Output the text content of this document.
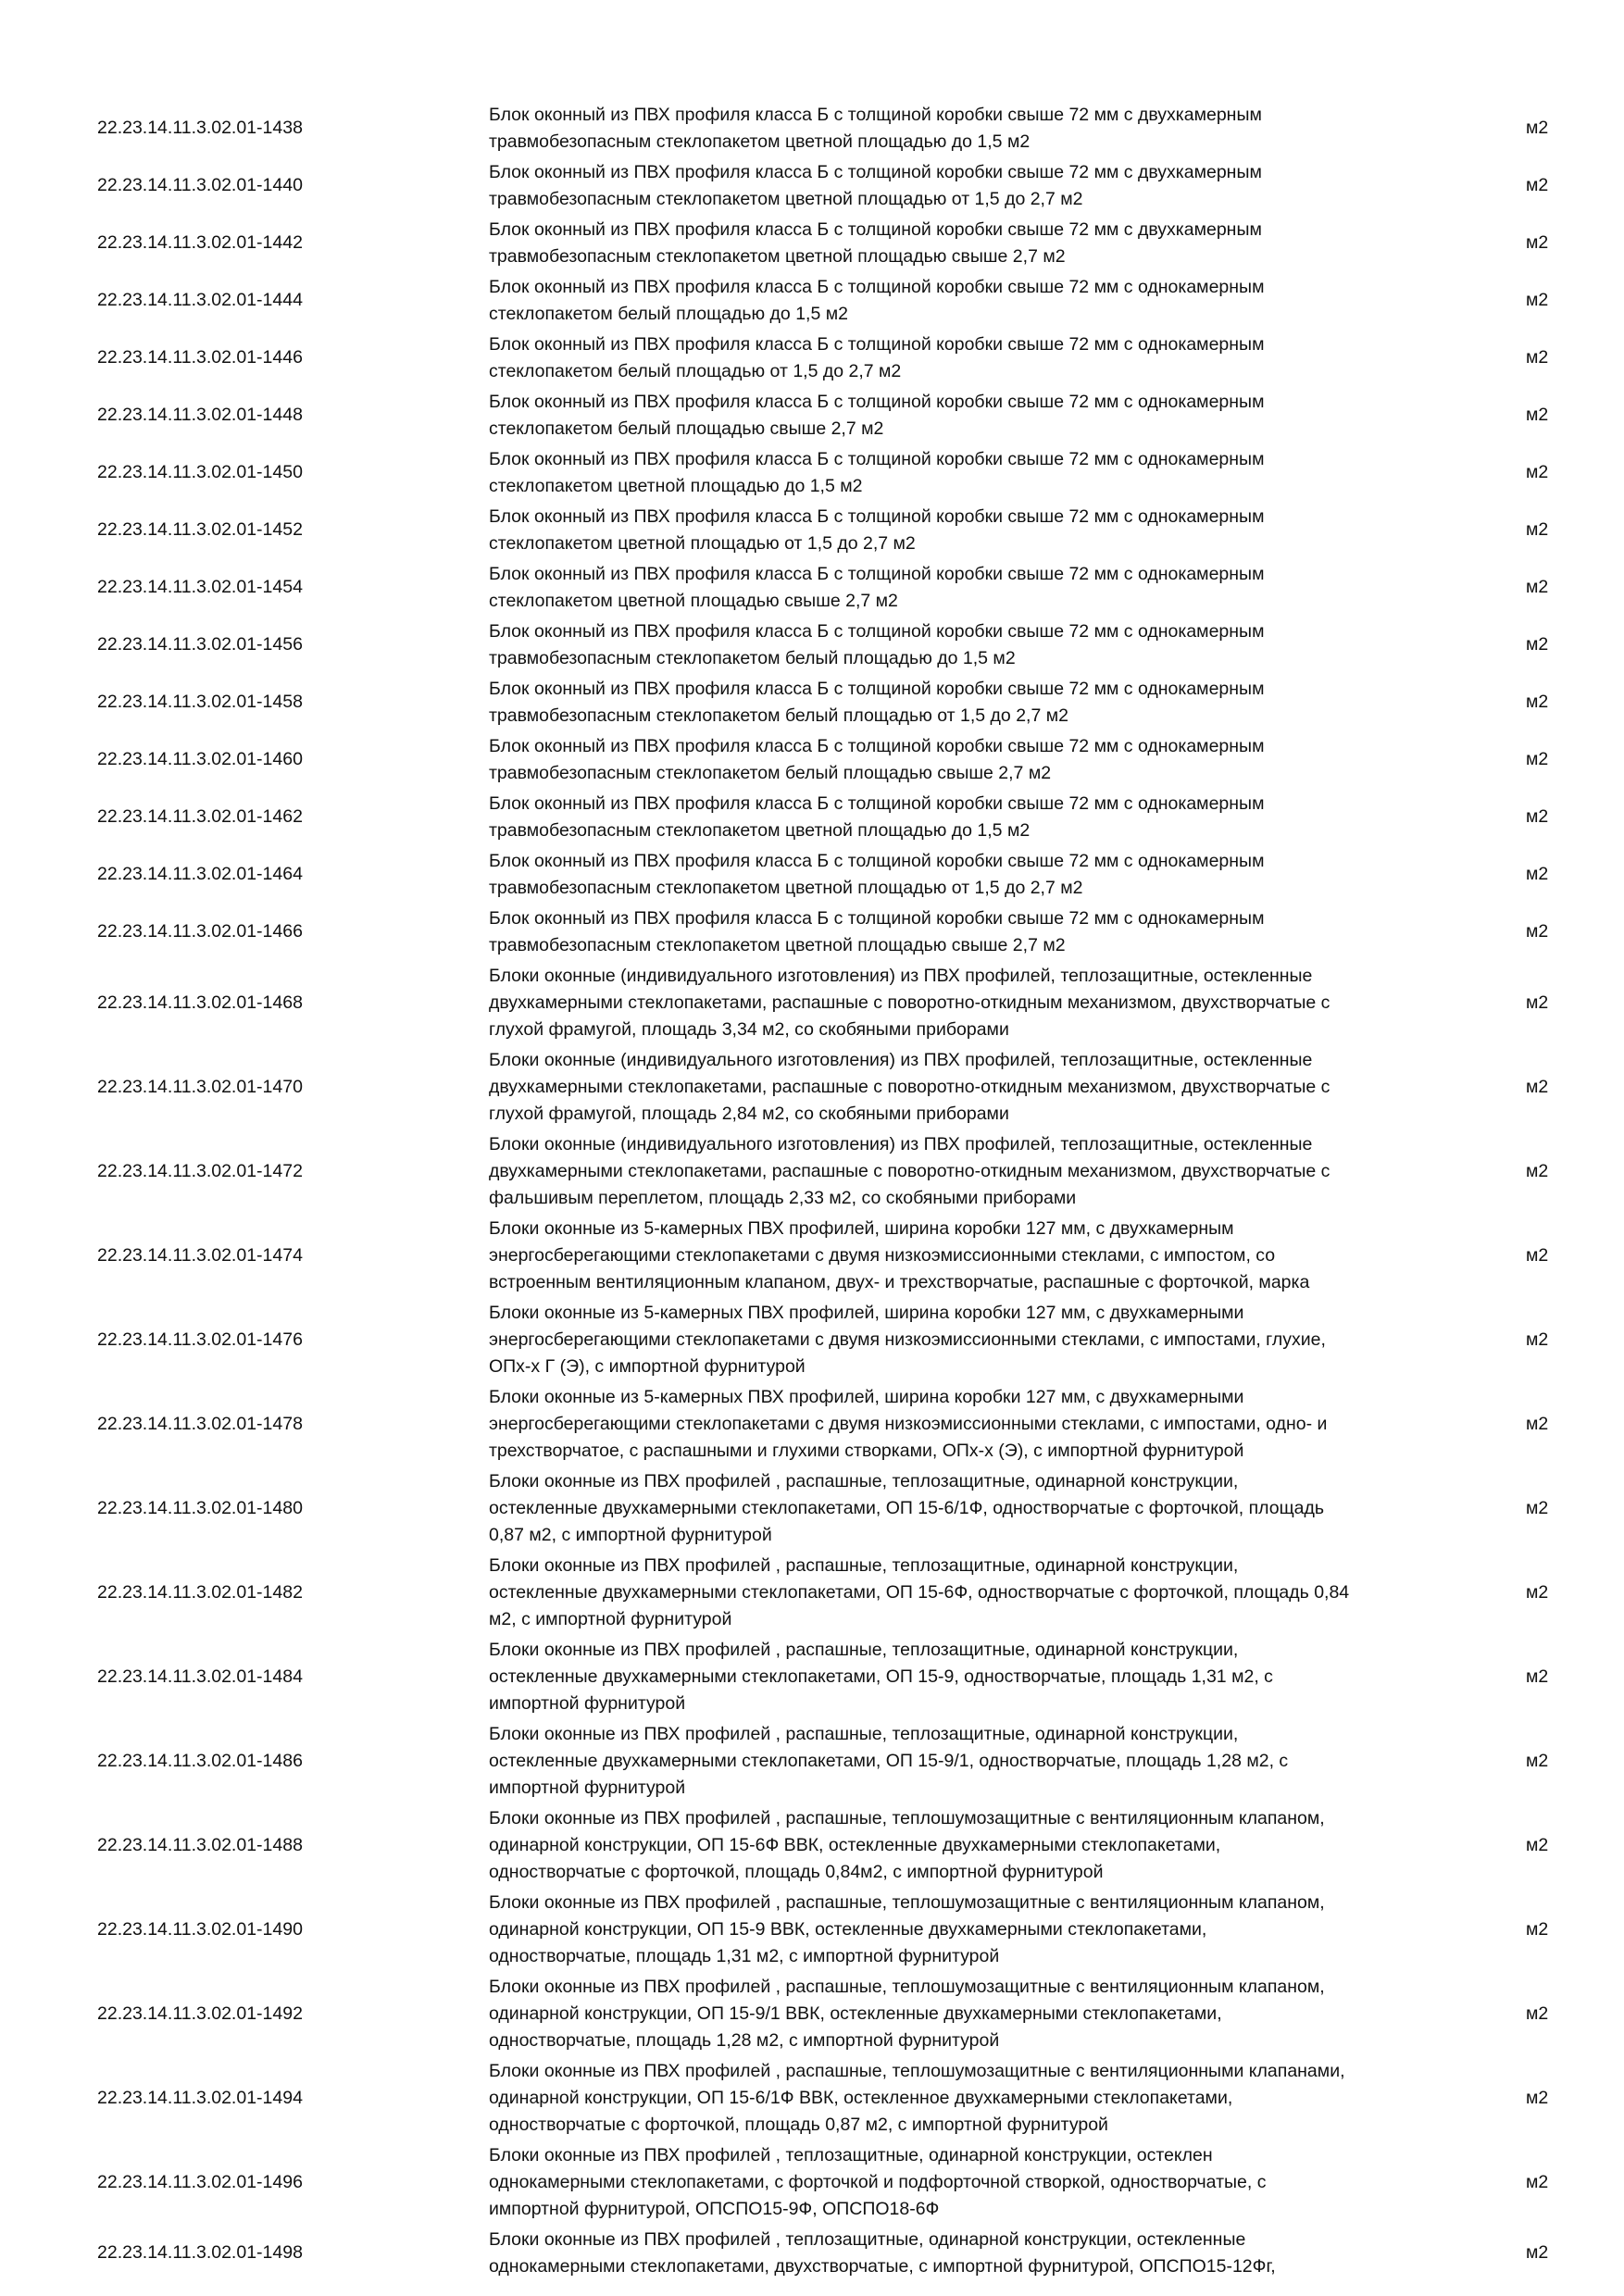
22.23.14.11.3.02.01-1438
Блок оконный из ПВХ профиля класса Б с толщиной коробки свыше 72 мм с двухкамерным
травмобезопасным стеклопакетом цветной площадью до 1,5 м2
м2
22.23.14.11.3.02.01-1440
Блок оконный из ПВХ профиля класса Б с толщиной коробки свыше 72 мм с двухкамерным
травмобезопасным стеклопакетом цветной площадью от 1,5 до 2,7 м2
м2
22.23.14.11.3.02.01-1442
Блок оконный из ПВХ профиля класса Б с толщиной коробки свыше 72 мм с двухкамерным
травмобезопасным стеклопакетом цветной площадью свыше 2,7 м2
м2
22.23.14.11.3.02.01-1444
Блок оконный из ПВХ профиля класса Б с толщиной коробки свыше 72 мм с однокамерным
стеклопакетом белый площадью до 1,5 м2
м2
22.23.14.11.3.02.01-1446
Блок оконный из ПВХ профиля класса Б с толщиной коробки свыше 72 мм с однокамерным
стеклопакетом белый площадью от 1,5 до 2,7 м2
м2
22.23.14.11.3.02.01-1448
Блок оконный из ПВХ профиля класса Б с толщиной коробки свыше 72 мм с однокамерным
стеклопакетом белый площадью свыше 2,7 м2
м2
22.23.14.11.3.02.01-1450
Блок оконный из ПВХ профиля класса Б с толщиной коробки свыше 72 мм с однокамерным
стеклопакетом цветной площадью до 1,5 м2
м2
22.23.14.11.3.02.01-1452
Блок оконный из ПВХ профиля класса Б с толщиной коробки свыше 72 мм с однокамерным
стеклопакетом цветной площадью от 1,5 до 2,7 м2
м2
22.23.14.11.3.02.01-1454
Блок оконный из ПВХ профиля класса Б с толщиной коробки свыше 72 мм с однокамерным
стеклопакетом цветной площадью свыше 2,7 м2
м2
22.23.14.11.3.02.01-1456
Блок оконный из ПВХ профиля класса Б с толщиной коробки свыше 72 мм с однокамерным
травмобезопасным стеклопакетом белый площадью до 1,5 м2
м2
22.23.14.11.3.02.01-1458
Блок оконный из ПВХ профиля класса Б с толщиной коробки свыше 72 мм с однокамерным
травмобезопасным стеклопакетом белый площадью от 1,5 до 2,7 м2
м2
22.23.14.11.3.02.01-1460
Блок оконный из ПВХ профиля класса Б с толщиной коробки свыше 72 мм с однокамерным
травмобезопасным стеклопакетом белый площадью свыше 2,7 м2
м2
22.23.14.11.3.02.01-1462
Блок оконный из ПВХ профиля класса Б с толщиной коробки свыше 72 мм с однокамерным
травмобезопасным стеклопакетом цветной площадью до 1,5 м2
м2
22.23.14.11.3.02.01-1464
Блок оконный из ПВХ профиля класса Б с толщиной коробки свыше 72 мм с однокамерным
травмобезопасным стеклопакетом цветной площадью от 1,5 до 2,7 м2
м2
22.23.14.11.3.02.01-1466
Блок оконный из ПВХ профиля класса Б с толщиной коробки свыше 72 мм с однокамерным
травмобезопасным стеклопакетом цветной площадью свыше 2,7 м2
м2
22.23.14.11.3.02.01-1468
Блоки оконные (индивидуального изготовления) из ПВХ профилей, теплозащитные, остекленные
двухкамерными стеклопакетами, распашные с поворотно-откидным механизмом, двухстворчатые с
глухой фрамугой, площадь 3,34 м2, со скобяными приборами
м2
22.23.14.11.3.02.01-1470
Блоки оконные (индивидуального изготовления) из ПВХ профилей, теплозащитные, остекленные
двухкамерными стеклопакетами, распашные с поворотно-откидным механизмом, двухстворчатые с
глухой фрамугой, площадь 2,84 м2, со скобяными приборами
м2
22.23.14.11.3.02.01-1472
Блоки оконные (индивидуального изготовления) из ПВХ профилей, теплозащитные, остекленные
двухкамерными стеклопакетами, распашные с поворотно-откидным механизмом, двухстворчатые с
фальшивым переплетом, площадь 2,33 м2, со скобяными приборами
м2
22.23.14.11.3.02.01-1474
Блоки оконные из 5-камерных ПВХ профилей, ширина коробки 127 мм, с двухкамерным
энергосберегающими стеклопакетами с двумя низкоэмиссионными стеклами, с импостом, со
встроенным вентиляционным клапаном, двух- и трехстворчатые, распашные с форточкой, марка
м2
22.23.14.11.3.02.01-1476
Блоки оконные из 5-камерных ПВХ профилей, ширина коробки 127 мм, с двухкамерными
энергосберегающими стеклопакетами с двумя низкоэмиссионными стеклами, с импостами, глухие,
ОПх-х Г (Э), с импортной фурнитурой
м2
22.23.14.11.3.02.01-1478
Блоки оконные из 5-камерных ПВХ профилей, ширина коробки 127 мм, с двухкамерными
энергосберегающими стеклопакетами с двумя низкоэмиссионными стеклами, с импостами, одно- и
трехстворчатое, с распашными и глухими створками, ОПх-х (Э), с импортной фурнитурой
м2
22.23.14.11.3.02.01-1480
Блоки оконные из ПВХ профилей , распашные, теплозащитные, одинарной конструкции,
остекленные двухкамерными стеклопакетами, ОП 15-6/1Ф, одностворчатые с форточкой, площадь
0,87 м2, с импортной фурнитурой
м2
22.23.14.11.3.02.01-1482
Блоки оконные из ПВХ профилей , распашные, теплозащитные, одинарной конструкции,
остекленные двухкамерными стеклопакетами, ОП 15-6Ф, одностворчатые с форточкой, площадь 0,84
м2, с импортной фурнитурой
м2
22.23.14.11.3.02.01-1484
Блоки оконные из ПВХ профилей , распашные, теплозащитные, одинарной конструкции,
остекленные двухкамерными стеклопакетами, ОП 15-9, одностворчатые, площадь 1,31 м2, с
импортной фурнитурой
м2
22.23.14.11.3.02.01-1486
Блоки оконные из ПВХ профилей , распашные, теплозащитные, одинарной конструкции,
остекленные двухкамерными стеклопакетами, ОП 15-9/1, одностворчатые, площадь 1,28 м2, с
импортной фурнитурой
м2
22.23.14.11.3.02.01-1488
Блоки оконные из ПВХ профилей , распашные, теплошумозащитные с вентиляционным клапаном,
одинарной конструкции, ОП 15-6Ф ВВК, остекленные двухкамерными стеклопакетами,
одностворчатые с форточкой, площадь 0,84м2, с импортной фурнитурой
м2
22.23.14.11.3.02.01-1490
Блоки оконные из ПВХ профилей , распашные, теплошумозащитные с вентиляционным клапаном,
одинарной конструкции, ОП 15-9 ВВК, остекленные двухкамерными стеклопакетами,
одностворчатые, площадь 1,31 м2, с импортной фурнитурой
м2
22.23.14.11.3.02.01-1492
Блоки оконные из ПВХ профилей , распашные, теплошумозащитные с вентиляционным клапаном,
одинарной конструкции, ОП 15-9/1 ВВК, остекленные двухкамерными стеклопакетами,
одностворчатые, площадь 1,28 м2, с импортной фурнитурой
м2
22.23.14.11.3.02.01-1494
Блоки оконные из ПВХ профилей , распашные, теплошумозащитные с вентиляционными клапанами,
одинарной конструкции, ОП 15-6/1Ф ВВК, остекленное двухкамерными стеклопакетами,
одностворчатые с форточкой, площадь 0,87 м2, с импортной фурнитурой
м2
22.23.14.11.3.02.01-1496
Блоки оконные из ПВХ профилей , теплозащитные, одинарной конструкции, остеклен
однокамерными стеклопакетами, с форточкой и подфорточной створкой, одностворчатые, с
импортной фурнитурой, ОПСПО15-9Ф, ОПСПО18-6Ф
м2
22.23.14.11.3.02.01-1498
Блоки оконные из ПВХ профилей , теплозащитные, одинарной конструкции, остекленные
однокамерными стеклопакетами, двухстворчатые, с импортной фурнитурой, ОПСПО15-12Фг,
м2
